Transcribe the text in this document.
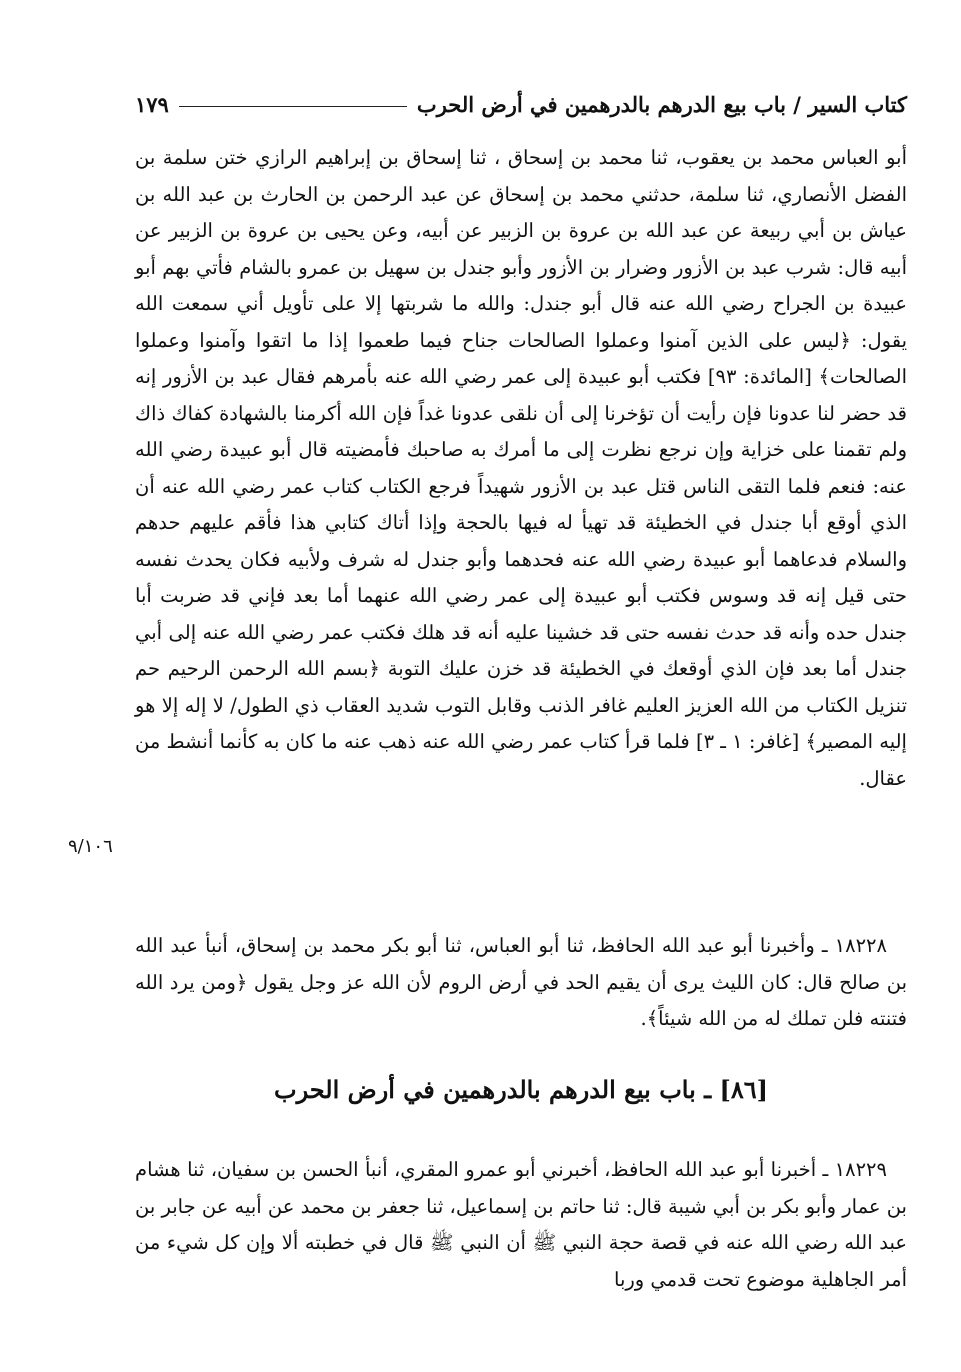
كتاب السير / باب بيع الدرهم بالدرهمين في أرض الحرب
١٧٩

أبو العباس محمد بن يعقوب، ثنا محمد بن إسحاق ، ثنا إسحاق بن إبراهيم الرازي ختن سلمة بن الفضل الأنصاري، ثنا سلمة، حدثني محمد بن إسحاق عن عبد الرحمن بن الحارث بن عبد الله بن عياش بن أبي ربيعة عن عبد الله بن عروة بن الزبير عن أبيه، وعن يحيى بن عروة بن الزبير عن أبيه قال: شرب عبد بن الأزور وضرار بن الأزور وأبو جندل بن سهيل بن عمرو بالشام فأتي بهم أبو عبيدة بن الجراح رضي الله عنه قال أبو جندل: والله ما شربتها إلا على تأويل أني سمعت الله يقول: ﴿ليس على الذين آمنوا وعملوا الصالحات جناح فيما طعموا إذا ما اتقوا وآمنوا وعملوا الصالحات﴾ [المائدة: ٩٣] فكتب أبو عبيدة إلى عمر رضي الله عنه بأمرهم فقال عبد بن الأزور إنه قد حضر لنا عدونا فإن رأيت أن تؤخرنا إلى أن نلقى عدونا غداً فإن الله أكرمنا بالشهادة كفاك ذاك ولم تقمنا على خزاية وإن نرجع نظرت إلى ما أمرك به صاحبك فأمضيته قال أبو عبيدة رضي الله عنه: فنعم فلما التقى الناس قتل عبد بن الأزور شهيداً فرجع الكتاب كتاب عمر رضي الله عنه أن الذي أوقع أبا جندل في الخطيئة قد تهيأ له فيها بالحجة وإذا أتاك كتابي هذا فأقم عليهم حدهم والسلام فدعاهما أبو عبيدة رضي الله عنه فحدهما وأبو جندل له شرف ولأبيه فكان يحدث نفسه حتى قيل إنه قد وسوس فكتب أبو عبيدة إلى عمر رضي الله عنهما أما بعد فإني قد ضربت أبا جندل حده وأنه قد حدث نفسه حتى قد خشينا عليه أنه قد هلك فكتب عمر رضي الله عنه إلى أبي جندل أما بعد فإن الذي أوقعك في الخطيئة قد خزن عليك التوبة ﴿بسم الله الرحمن الرحيم حم تنزيل الكتاب من الله العزيز العليم غافر الذنب وقابل التوب شديد العقاب ذي الطول/ لا إله إلا هو إليه المصير﴾ [غافر: ١ ـ ٣] فلما قرأ كتاب عمر رضي الله عنه ذهب عنه ما كان به كأنما أنشط من عقال.

٩/١٠٦

١٨٢٢٨ ـ وأخبرنا أبو عبد الله الحافظ، ثنا أبو العباس، ثنا أبو بكر محمد بن إسحاق، أنبأ عبد الله بن صالح قال: كان الليث يرى أن يقيم الحد في أرض الروم لأن الله عز وجل يقول ﴿ومن يرد الله فتنته فلن تملك له من الله شيئاً﴾.

[٨٦] ـ باب بيع الدرهم بالدرهمين في أرض الحرب

١٨٢٢٩ ـ أخبرنا أبو عبد الله الحافظ، أخبرني أبو عمرو المقري، أنبأ الحسن بن سفيان، ثنا هشام بن عمار وأبو بكر بن أبي شيبة قال: ثنا حاتم بن إسماعيل، ثنا جعفر بن محمد عن أبيه عن جابر بن عبد الله رضي الله عنه في قصة حجة النبي ﷺ أن النبي ﷺ قال في خطبته ألا وإن كل شيء من أمر الجاهلية موضوع تحت قدمي وربا
